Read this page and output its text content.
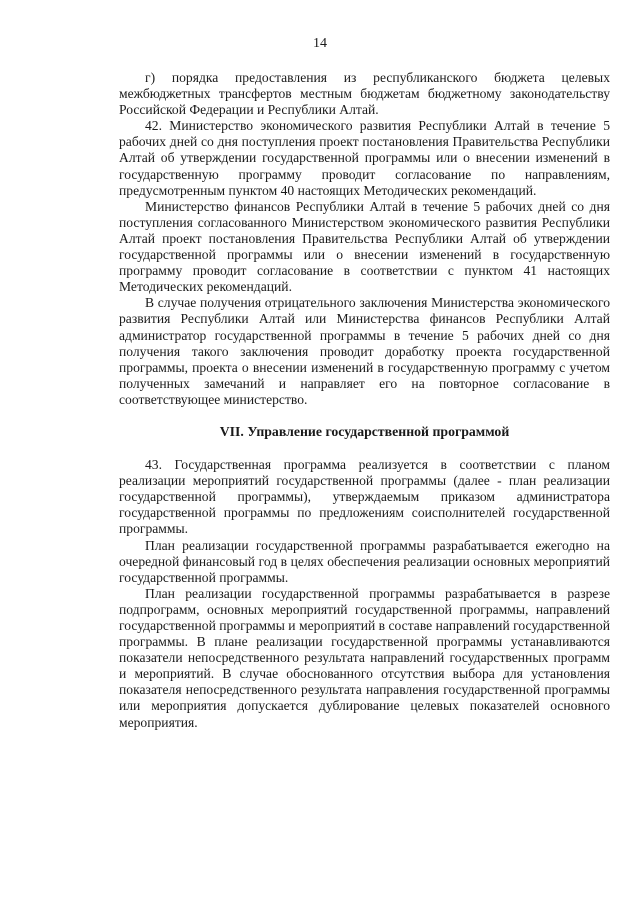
14

г) порядка предоставления из республиканского бюджета целевых межбюджетных трансфертов местным бюджетам бюджетному законодательству Российской Федерации и Республики Алтай.

42. Министерство экономического развития Республики Алтай в течение 5 рабочих дней со дня поступления проект постановления Правительства Республики Алтай об утверждении государственной программы или о внесении изменений в государственную программу проводит согласование по направлениям, предусмотренным пунктом 40 настоящих Методических рекомендаций.

Министерство финансов Республики Алтай в течение 5 рабочих дней со дня поступления согласованного Министерством экономического развития Республики Алтай проект постановления Правительства Республики Алтай об утверждении государственной программы или о внесении изменений в государственную программу проводит согласование в соответствии с пунктом 41 настоящих Методических рекомендаций.

В случае получения отрицательного заключения Министерства экономического развития Республики Алтай или Министерства финансов Республики Алтай администратор государственной программы в течение 5 рабочих дней со дня получения такого заключения проводит доработку проекта государственной программы, проекта о внесении изменений в государственную программу с учетом полученных замечаний и направляет его на повторное согласование в соответствующее министерство.

VII. Управление государственной программой

43. Государственная программа реализуется в соответствии с планом реализации мероприятий государственной программы (далее - план реализации государственной программы), утверждаемым приказом администратора государственной программы по предложениям соисполнителей государственной программы.

План реализации государственной программы разрабатывается ежегодно на очередной финансовый год в целях обеспечения реализации основных мероприятий государственной программы.

План реализации государственной программы разрабатывается в разрезе подпрограмм, основных мероприятий государственной программы, направлений государственной программы и мероприятий в составе направлений государственной программы. В плане реализации государственной программы устанавливаются показатели непосредственного результата направлений государственных программ и мероприятий. В случае обоснованного отсутствия выбора для установления показателя непосредственного результата направления государственной программы или мероприятия допускается дублирование целевых показателей основного мероприятия.
